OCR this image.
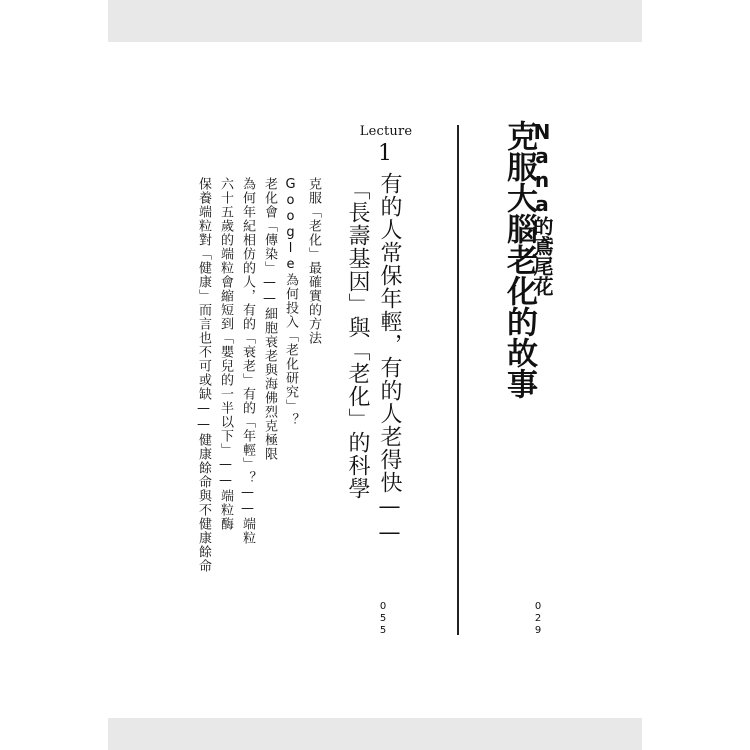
Nana的鳶尾花
克服大腦老化的故事
0
2
9
Lecture
1
有的人常保年輕，有的人老得快——
「長壽基因」與「老化」的科學
0
5
5
克服「老化」最確實的方法
Google為何投入「老化研究」？
老化會「傳染」——細胞衰老與海佛烈克極限
為何年紀相仿的人，有的「衰老」有的「年輕」？——端粒
六十五歲的端粒會縮短到「嬰兒的一半以下」——端粒酶
保養端粒對「健康」而言也不可或缺——健康餘命與不健康餘命
